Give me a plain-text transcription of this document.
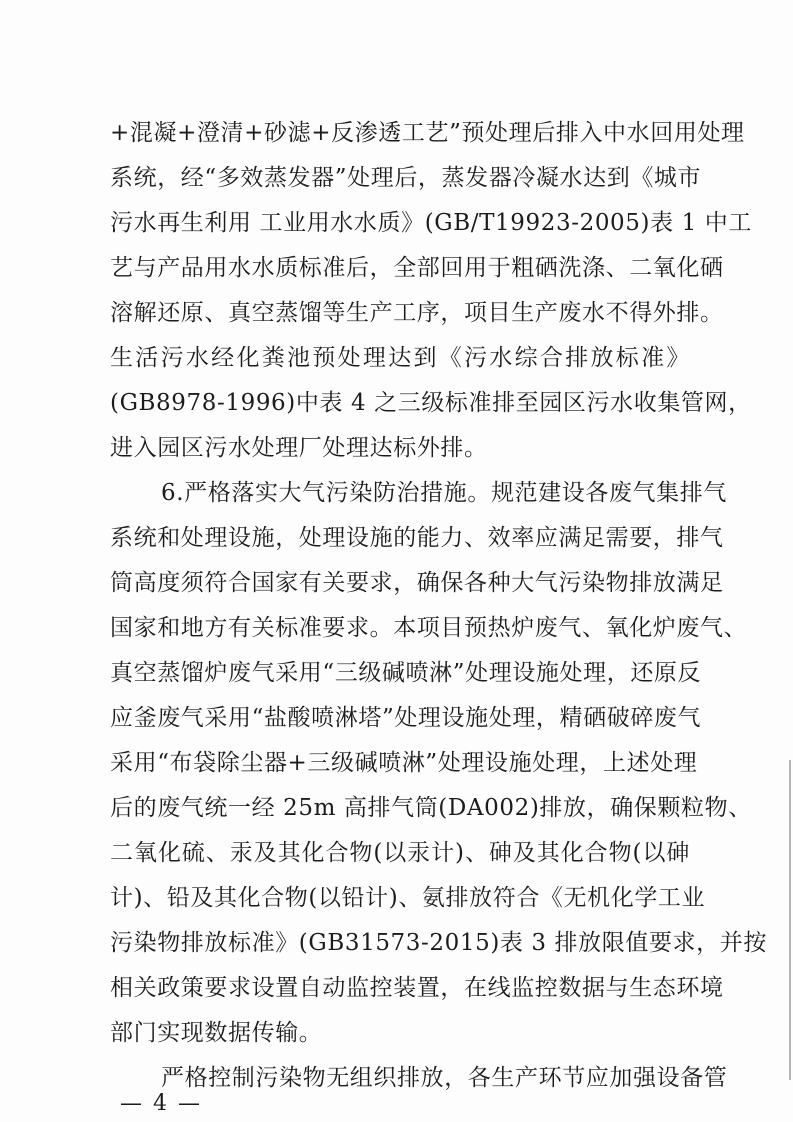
+混凝+澄清+砂滤+反渗透工艺”预处理后排入中水回用处理
系统，经“多效蒸发器”处理后，蒸发器冷凝水达到《城市
污水再生利用 工业用水水质》(GB/T19923-2005)表 1 中工
艺与产品用水水质标准后，全部回用于粗硒洗涤、二氧化硒
溶解还原、真空蒸馏等生产工序，项目生产废水不得外排。
生活污水经化粪池预处理达到《污水综合排放标准》
(GB8978-1996)中表 4 之三级标准排至园区污水收集管网，
进入园区污水处理厂处理达标外排。
6.严格落实大气污染防治措施。规范建设各废气集排气
系统和处理设施，处理设施的能力、效率应满足需要，排气
筒高度须符合国家有关要求，确保各种大气污染物排放满足
国家和地方有关标准要求。本项目预热炉废气、氧化炉废气、
真空蒸馏炉废气采用“三级碱喷淋”处理设施处理，还原反
应釜废气采用“盐酸喷淋塔”处理设施处理，精硒破碎废气
采用“布袋除尘器+三级碱喷淋”处理设施处理，上述处理
后的废气统一经 25m 高排气筒(DA002)排放，确保颗粒物、
二氧化硫、汞及其化合物(以汞计)、砷及其化合物(以砷
计)、铅及其化合物(以铅计)、氨排放符合《无机化学工业
污染物排放标准》(GB31573-2015)表 3 排放限值要求，并按
相关政策要求设置自动监控装置，在线监控数据与生态环境
部门实现数据传输。
严格控制污染物无组织排放，各生产环节应加强设备管
— 4 —
